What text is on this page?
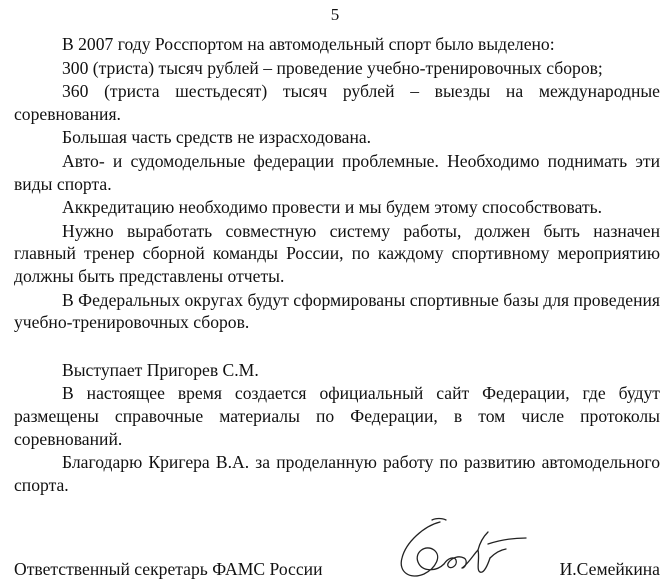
5

В 2007 году Росспортом на автомодельный спорт было выделено:

300 (триста) тысяч рублей – проведение учебно-тренировочных сборов;

360 (триста шестьдесят) тысяч рублей – выезды на международные соревнования.

Большая часть средств не израсходована.

Авто- и судомодельные федерации проблемные. Необходимо поднимать эти виды спорта.

Аккредитацию необходимо провести и мы будем этому способствовать.

Нужно выработать совместную систему работы, должен быть назначен главный тренер сборной команды России, по каждому спортивному мероприятию должны быть представлены отчеты.

В Федеральных округах будут сформированы спортивные базы для проведения учебно-тренировочных сборов.

Выступает Пригорев С.М.

В настоящее время создается официальный сайт Федерации, где будут размещены справочные материалы по Федерации, в том числе протоколы соревнований.

Благодарю Кригера В.А. за проделанную работу по развитию автомодельного спорта.

Ответственный секретарь ФАМС России	И.Семейкина
